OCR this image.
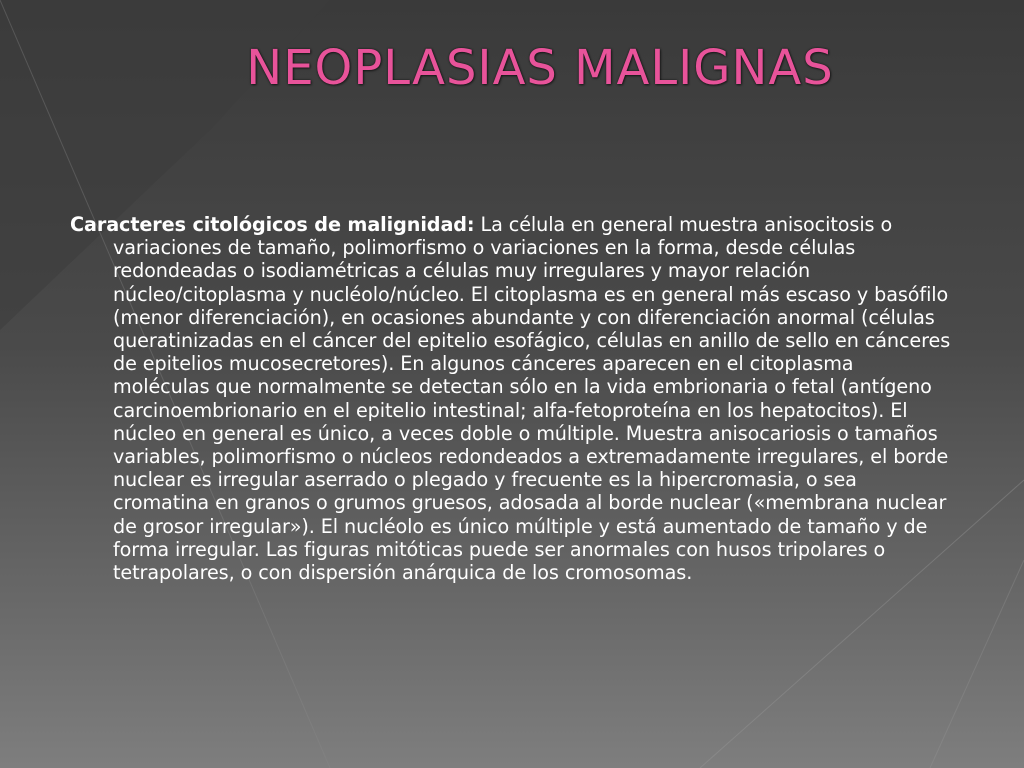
NEOPLASIAS MALIGNAS

Caracteres citológicos de malignidad: La célula en general muestra anisocitosis o variaciones de tamaño, polimorfismo o variaciones en la forma, desde células redondeadas o isodiamétricas a células muy irregulares y mayor relación núcleo/citoplasma y nucléolo/núcleo. El citoplasma es en general más escaso y basófilo (menor diferenciación), en ocasiones abundante y con diferenciación anormal (células queratinizadas en el cáncer del epitelio esofágico, células en anillo de sello en cánceres de epitelios mucosecretores). En algunos cánceres aparecen en el citoplasma moléculas que normalmente se detectan sólo en la vida embrionaria o fetal (antígeno carcinoembrionario en el epitelio intestinal; alfa-fetoproteína en los hepatocitos). El núcleo en general es único, a veces doble o múltiple. Muestra anisocariosis o tamaños variables, polimorfismo o núcleos redondeados a extremadamente irregulares, el borde nuclear es irregular aserrado o plegado y frecuente es la hipercromasia, o sea cromatina en granos o grumos gruesos, adosada al borde nuclear («membrana nuclear de grosor irregular»). El nucléolo es único múltiple y está aumentado de tamaño y de forma irregular. Las figuras mitóticas puede ser anormales con husos tripolares o tetrapolares, o con dispersión anárquica de los cromosomas.
